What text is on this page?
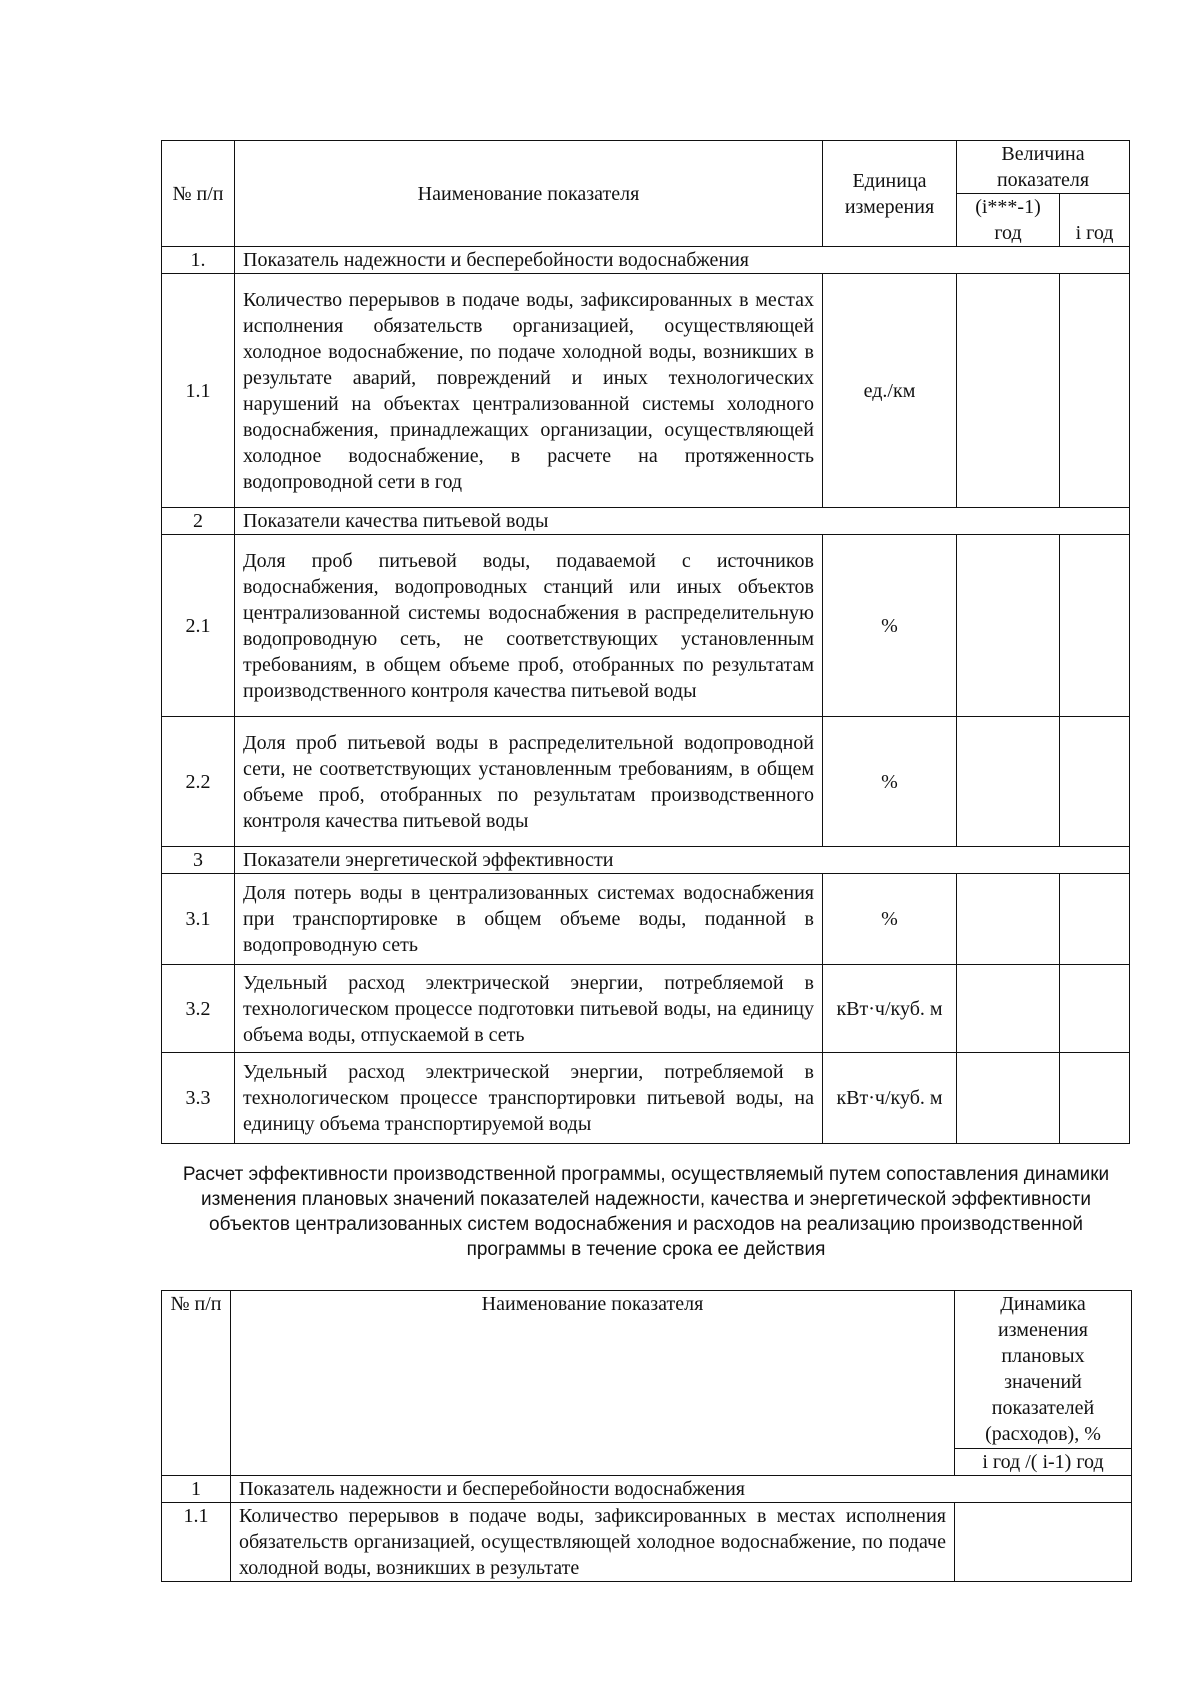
№ п/п	Наименование показателя	Единица измерения	Величина показателя	
			(i***-1) год	i год
1.	Показатель надежности и бесперебойности водоснабжения			
1.1	Количество перерывов в подаче воды, зафиксированных в местах исполнения обязательств организацией, осуществляющей холодное водоснабжение, по подаче холодной воды, возникших в результате аварий, повреждений и иных технологических нарушений на объектах централизованной системы холодного водоснабжения, принадлежащих организации, осуществляющей холодное водоснабжение, в расчете на протяженность водопроводной сети в год	ед./км		
2	Показатели качества питьевой воды			
2.1	Доля проб питьевой воды, подаваемой с источников водоснабжения, водопроводных станций или иных объектов централизованной системы водоснабжения в распределительную водопроводную сеть, не соответствующих установленным требованиям, в общем объеме проб, отобранных по результатам производственного контроля качества питьевой воды	%		
2.2	Доля проб питьевой воды в распределительной водопроводной сети, не соответствующих установленным требованиям, в общем объеме проб, отобранных по результатам производственного контроля качества питьевой воды	%		
3	Показатели энергетической эффективности			
3.1	Доля потерь воды в централизованных системах водоснабжения при транспортировке в общем объеме воды, поданной в водопроводную сеть	%		
3.2	Удельный расход электрической энергии, потребляемой в технологическом процессе подготовки питьевой воды, на единицу объема воды, отпускаемой в сеть	кВт·ч/куб. м		
3.3	Удельный расход электрической энергии, потребляемой в технологическом процессе транспортировки питьевой воды, на единицу объема транспортируемой воды	кВт·ч/куб. м		
Расчет эффективности производственной программы, осуществляемый путем сопоставления динамики изменения плановых значений показателей надежности, качества и энергетической эффективности объектов централизованных систем водоснабжения и расходов на реализацию производственной программы в течение срока ее действия
№ п/п	Наименование показателя	Динамика изменения плановых значений показателей (расходов), %
		i год /( i-1) год
1	Показатель надежности и бесперебойности водоснабжения	
1.1	Количество перерывов в подаче воды, зафиксированных в местах исполнения обязательств организацией, осуществляющей холодное водоснабжение, по подаче холодной воды, возникших в результате	
